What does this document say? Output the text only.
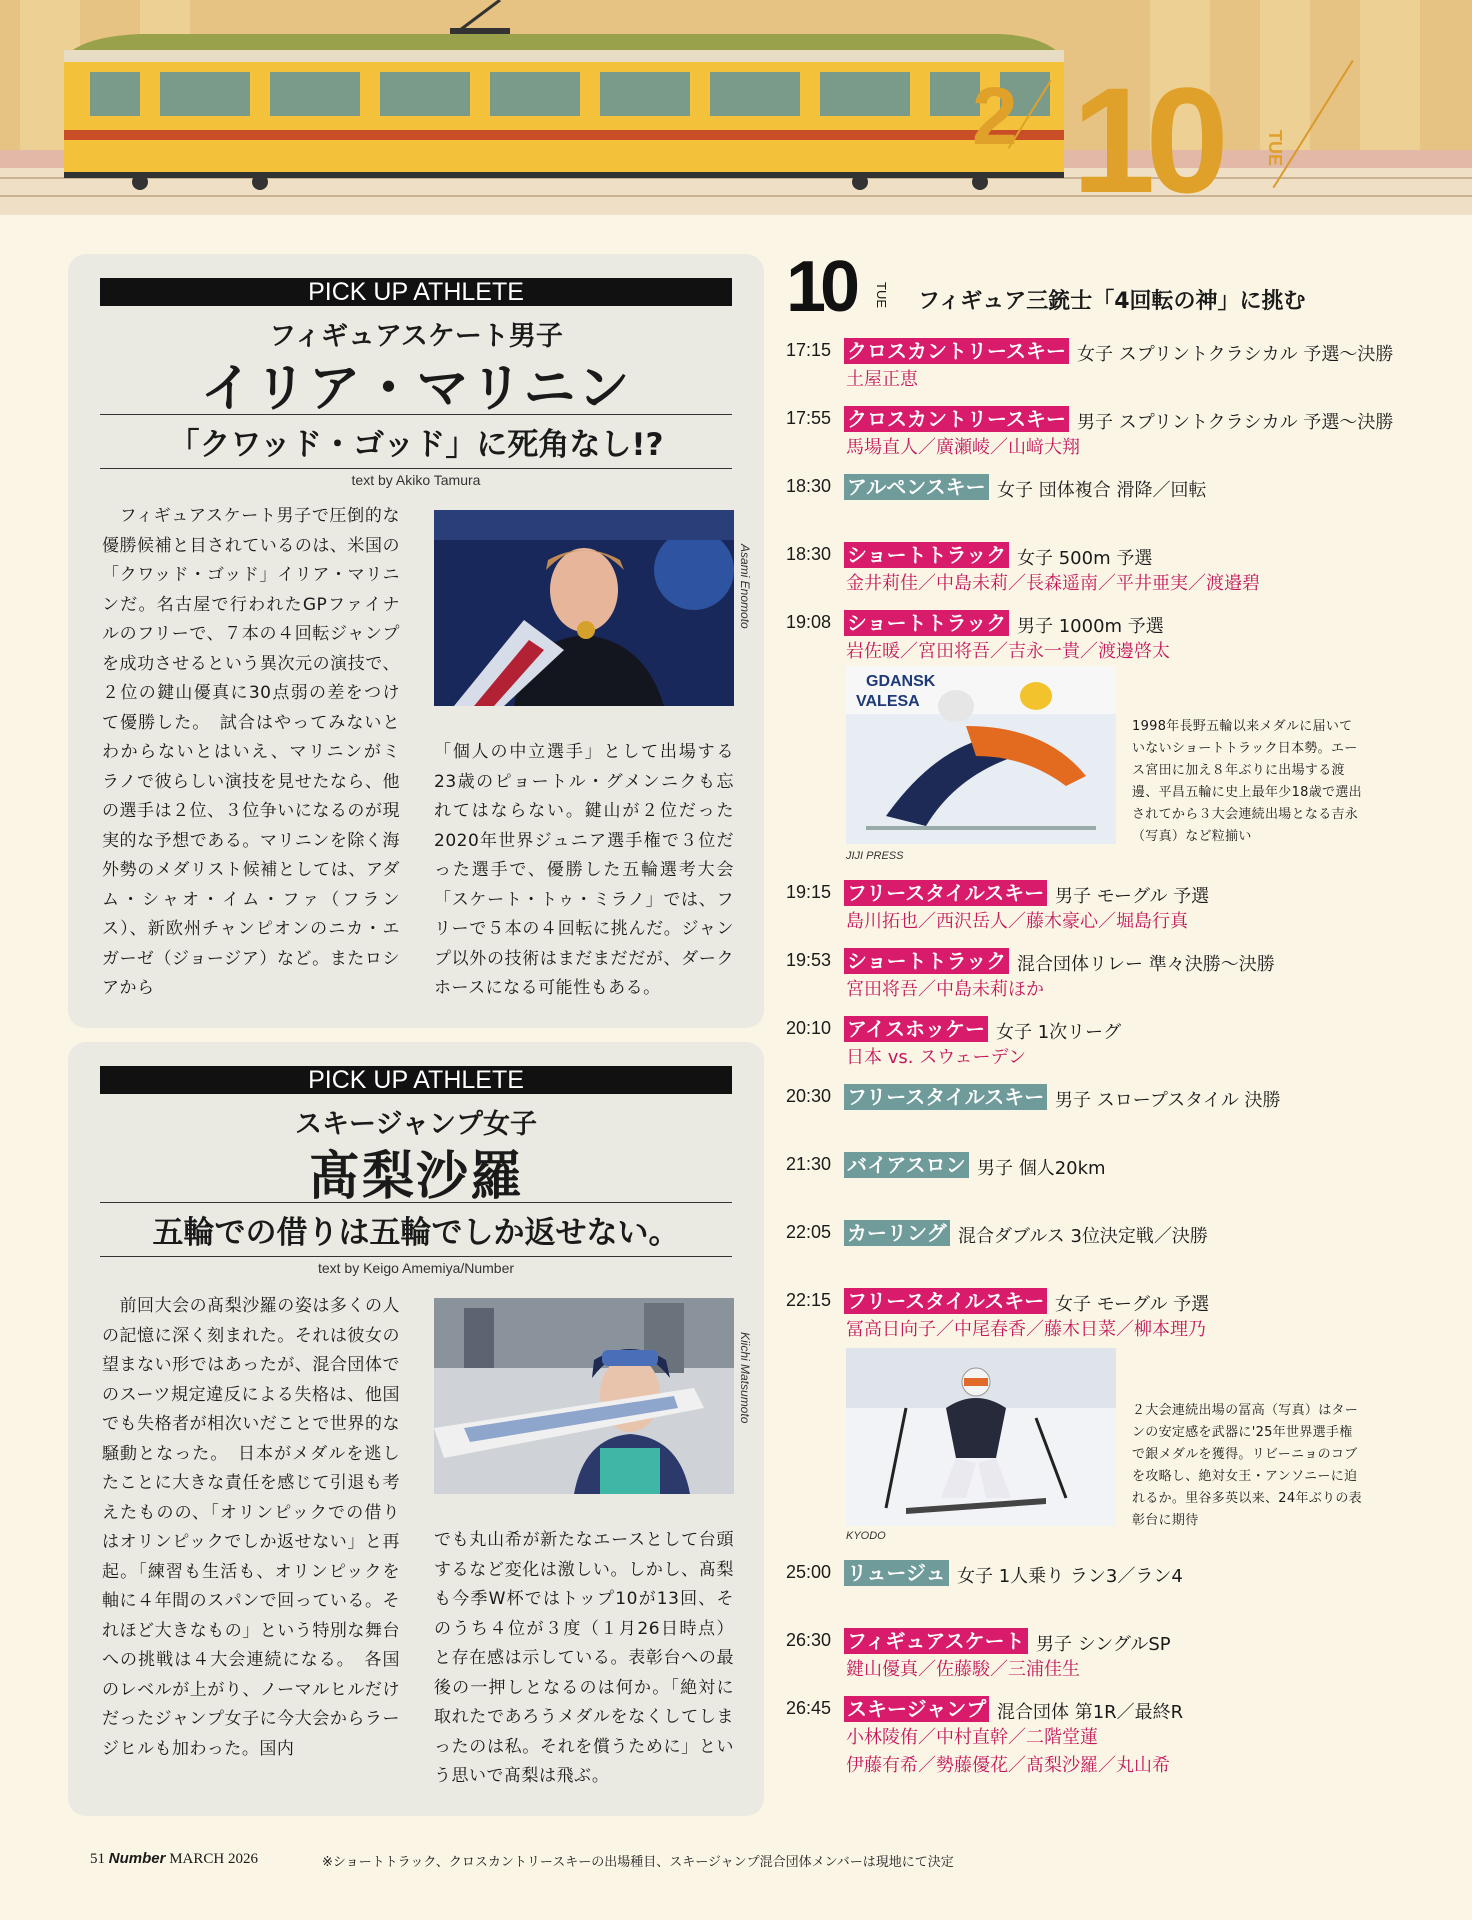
2 10	TUE
PICK UP ATHLETE
フィギュアスケート男子
イリア・マリニン
「クワッド・ゴッド」に死角なし!?
text by Akiko Tamura
　フィギュアスケート男子で圧倒的な優勝候補と目されているのは、米国の「クワッド・ゴッド」イリア・マリニンだ。名古屋で行われたGPファイナルのフリーで、７本の４回転ジャンプを成功させるという異次元の演技で、２位の鍵山優真に30点弱の差をつけて優勝した。　試合はやってみないとわからないとはいえ、マリニンがミラノで彼らしい演技を見せたなら、他の選手は２位、３位争いになるのが現実的な予想である。マリニンを除く海外勢のメダリスト候補としては、アダム・シャオ・イム・ファ（フランス）、新欧州チャンピオンのニカ・エガーゼ（ジョージア）など。またロシアから
Asami Enomoto
「個人の中立選手」として出場する23歳のピョートル・グメンニクも忘れてはならない。鍵山が２位だった2020年世界ジュニア選手権で３位だった選手で、優勝した五輪選考大会「スケート・トゥ・ミラノ」では、フリーで５本の４回転に挑んだ。ジャンプ以外の技術はまだまだだが、ダークホースになる可能性もある。
PICK UP ATHLETE
スキージャンプ女子
髙梨沙羅
五輪での借りは五輪でしか返せない。
text by Keigo Amemiya/Number
　前回大会の髙梨沙羅の姿は多くの人の記憶に深く刻まれた。それは彼女の望まない形ではあったが、混合団体でのスーツ規定違反による失格は、他国でも失格者が相次いだことで世界的な騒動となった。　日本がメダルを逃したことに大きな責任を感じて引退も考えたものの、「オリンピックでの借りはオリンピックでしか返せない」と再起。「練習も生活も、オリンピックを軸に４年間のスパンで回っている。それほど大きなもの」という特別な舞台への挑戦は４大会連続になる。　各国のレベルが上がり、ノーマルヒルだけだったジャンプ女子に今大会からラージヒルも加わった。国内
Kiichi Matsumoto
でも丸山希が新たなエースとして台頭するなど変化は激しい。しかし、髙梨も今季W杯ではトップ10が13回、そのうち４位が３度（１月26日時点）と存在感は示している。表彰台への最後の一押しとなるのは何か。「絶対に取れたであろうメダルをなくしてしまったのは私。それを償うために」という思いで髙梨は飛ぶ。
10 TUE フィギュア三銃士「4回転の神」に挑む
17:15 クロスカントリースキー 女子 スプリントクラシカル 予選〜決勝
土屋正恵
17:55 クロスカントリースキー 男子 スプリントクラシカル 予選〜決勝
馬場直人／廣瀬崚／山﨑大翔
18:30 アルペンスキー 女子 団体複合 滑降／回転
18:30 ショートトラック 女子 500m 予選
金井莉佳／中島未莉／長森遥南／平井亜実／渡邉碧
19:08 ショートトラック 男子 1000m 予選
岩佐暖／宮田将吾／吉永一貴／渡邊啓太
19:15 フリースタイルスキー 男子 モーグル 予選
島川拓也／西沢岳人／藤木豪心／堀島行真
19:53 ショートトラック 混合団体リレー 準々決勝〜決勝
宮田将吾／中島未莉ほか
20:10 アイスホッケー 女子 1次リーグ
日本 vs. スウェーデン
20:30 フリースタイルスキー 男子 スロープスタイル 決勝
21:30 バイアスロン 男子 個人20km
22:05 カーリング 混合ダブルス 3位決定戦／決勝
22:15 フリースタイルスキー 女子 モーグル 予選
冨高日向子／中尾春香／藤木日菜／柳本理乃
25:00 リュージュ 女子 1人乗り ラン3／ラン4
26:30 フィギュアスケート 男子 シングルSP
鍵山優真／佐藤駿／三浦佳生
26:45 スキージャンプ 混合団体 第1R／最終R
小林陵侑／中村直幹／二階堂蓮
伊藤有希／勢藤優花／髙梨沙羅／丸山希
GDANSK
VALESA
1998年長野五輪以来メダルに届いていないショートトラック日本勢。エース宮田に加え８年ぶりに出場する渡邊、平昌五輪に史上最年少18歳で選出されてから３大会連続出場となる吉永（写真）など粒揃い
JIJI PRESS
２大会連続出場の冨高（写真）はターンの安定感を武器に'25年世界選手権で銀メダルを獲得。リビーニョのコブを攻略し、絶対女王・アンソニーに迫れるか。里谷多英以来、24年ぶりの表彰台に期待
KYODO
51 Number MARCH 2026	※ショートトラック、クロスカントリースキーの出場種目、スキージャンプ混合団体メンバーは現地にて決定
